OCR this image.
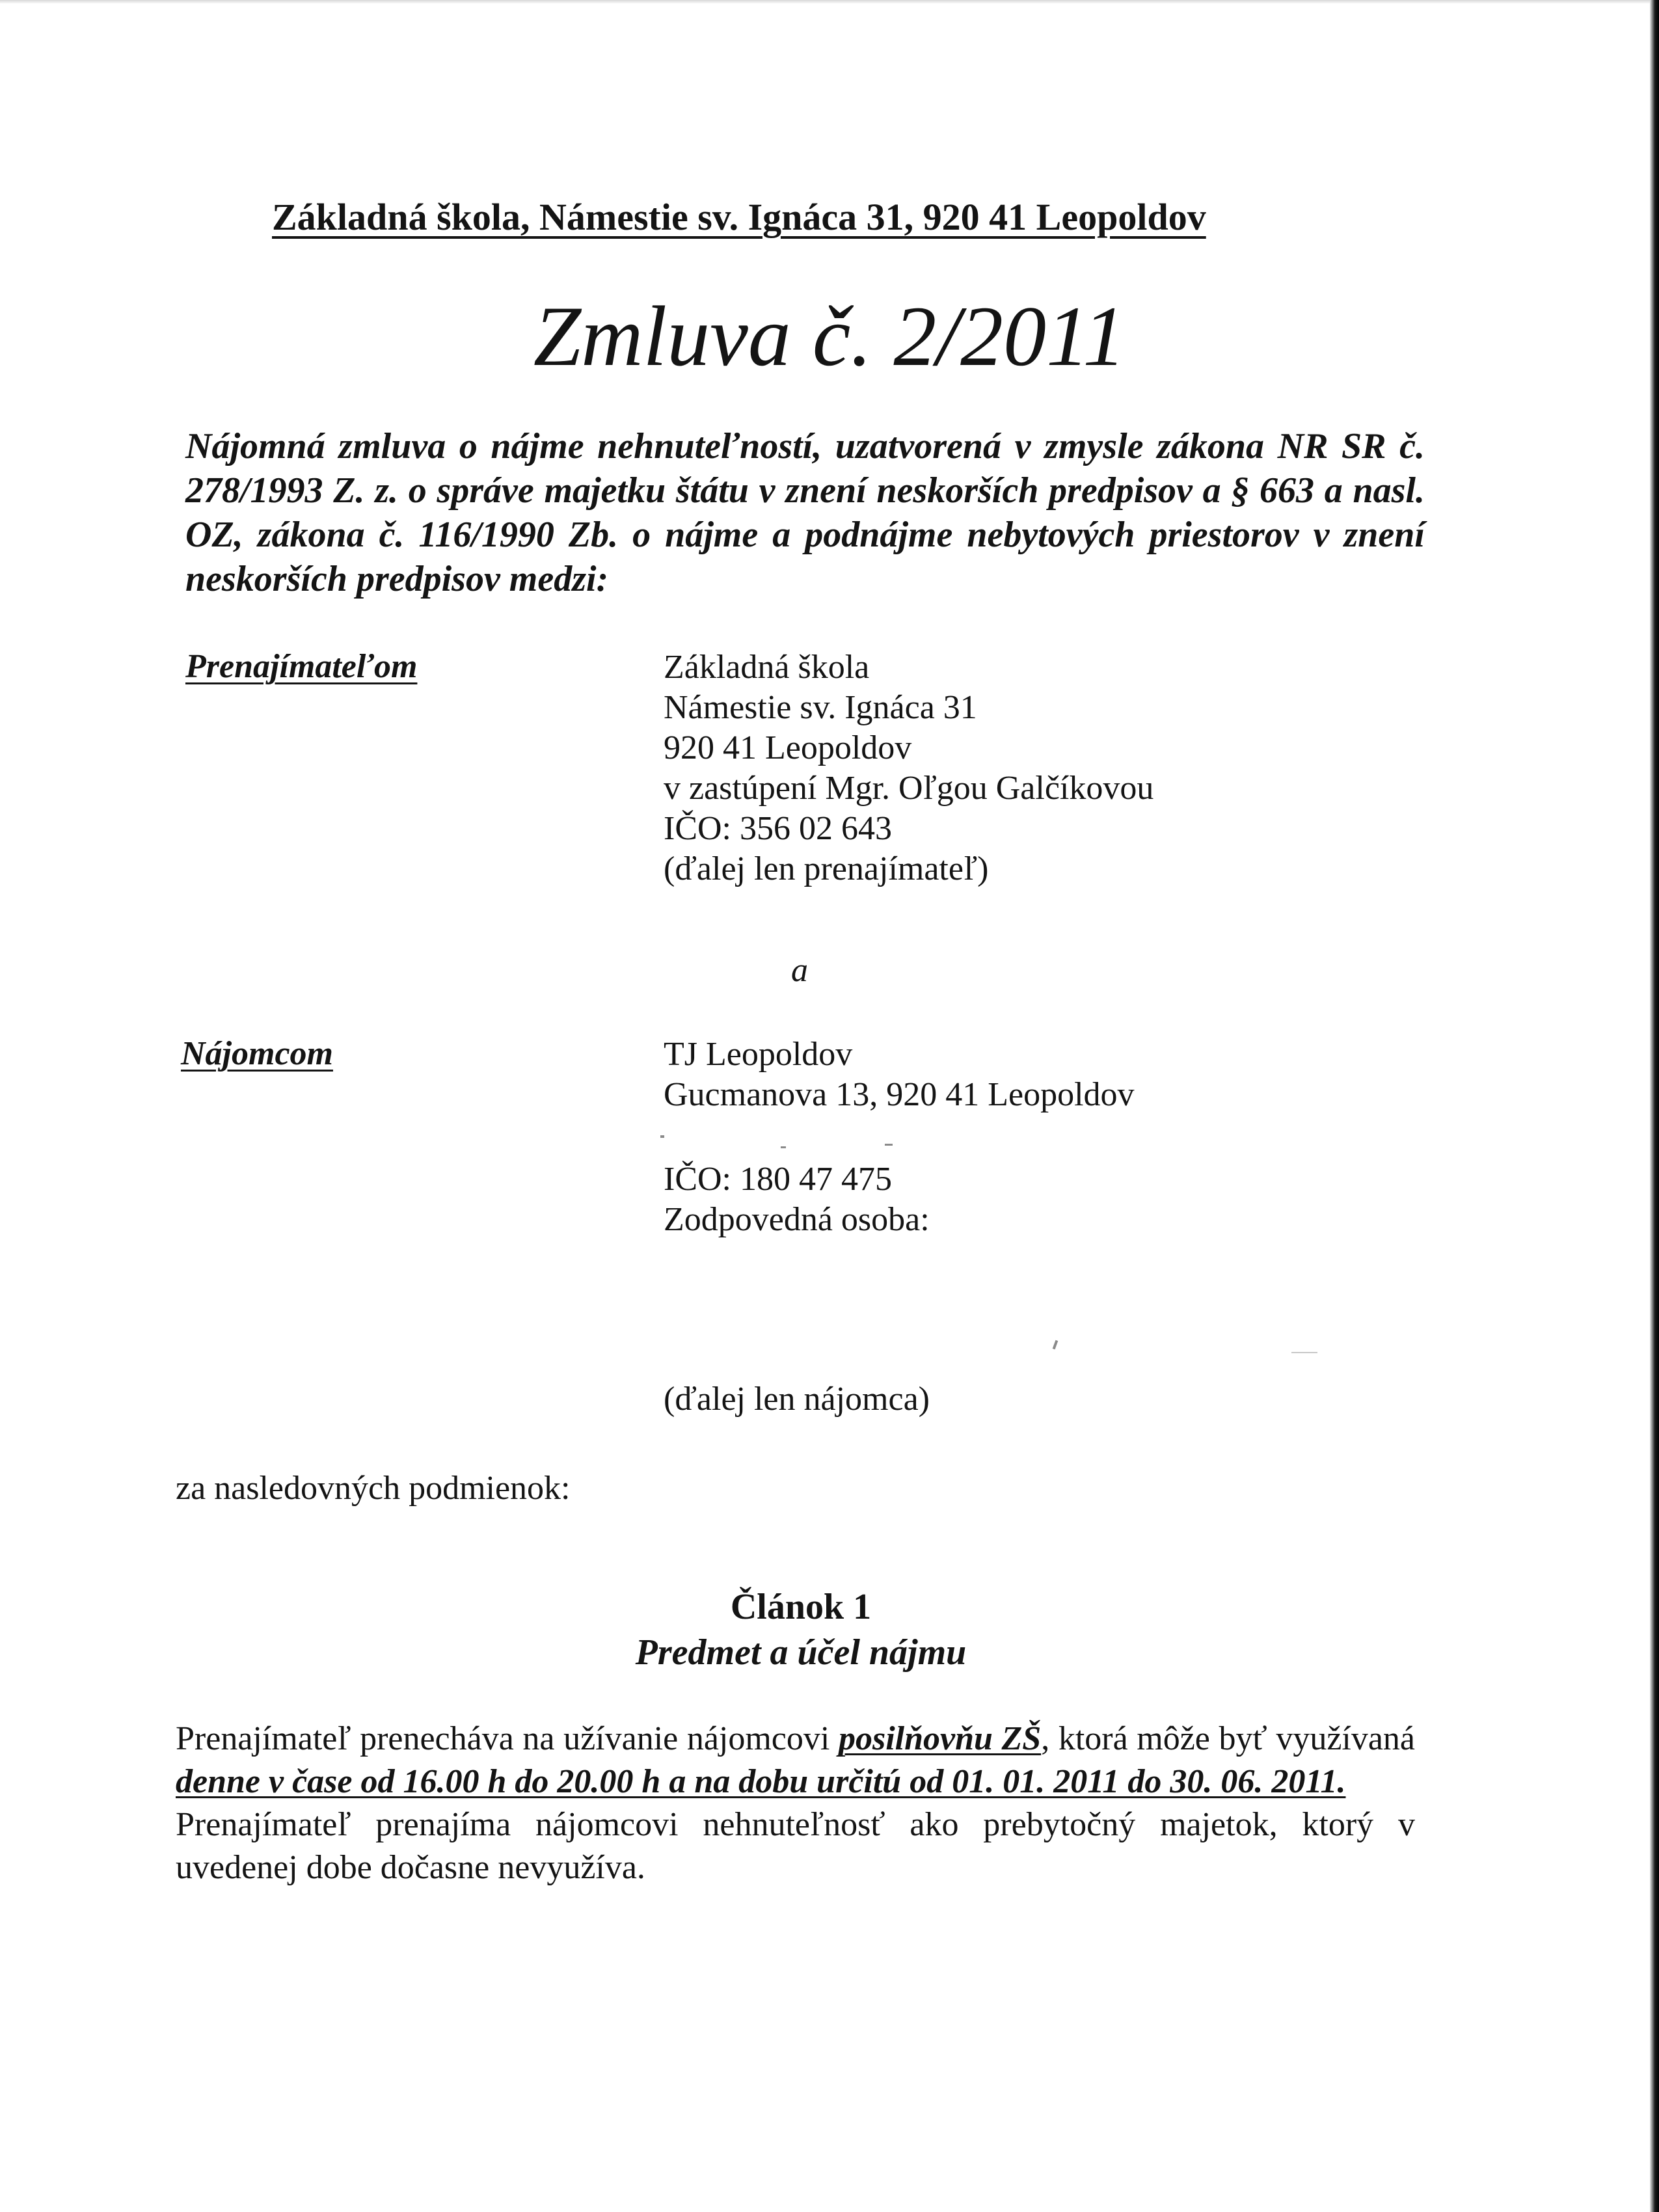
Základná škola, Námestie sv. Ignáca 31, 920 41 Leopoldov
Zmluva č. 2/2011
Nájomná zmluva o nájme nehnuteľností, uzatvorená v zmysle zákona NR SR č. 278/1993 Z. z. o správe majetku štátu v znení neskorších predpisov a § 663 a nasl. OZ, zákona č. 116/1990 Zb. o nájme a podnájme nebytových priestorov v znení neskorších predpisov medzi:
Prenajímateľom	Základná škola
Námestie sv. Ignáca 31
920 41 Leopoldov
v zastúpení Mgr. Oľgou Galčíkovou
IČO: 356 02 643
(ďalej len prenajímateľ)
a
Nájomcom	TJ Leopoldov
Gucmanova 13, 920 41 Leopoldov
IČO: 180 47 475
Zodpovedná osoba:
(ďalej len nájomca)
za nasledovných podmienok:
Článok 1
Predmet a účel nájmu
Prenajímateľ prenecháva na užívanie nájomcovi posilňovňu ZŠ, ktorá môže byť využívaná denne v čase od 16.00 h do 20.00 h a na dobu určitú od 01. 01. 2011 do 30. 06. 2011.
Prenajímateľ prenajíma nájomcovi nehnuteľnosť ako prebytočný majetok, ktorý v uvedenej dobe dočasne nevyužíva.
